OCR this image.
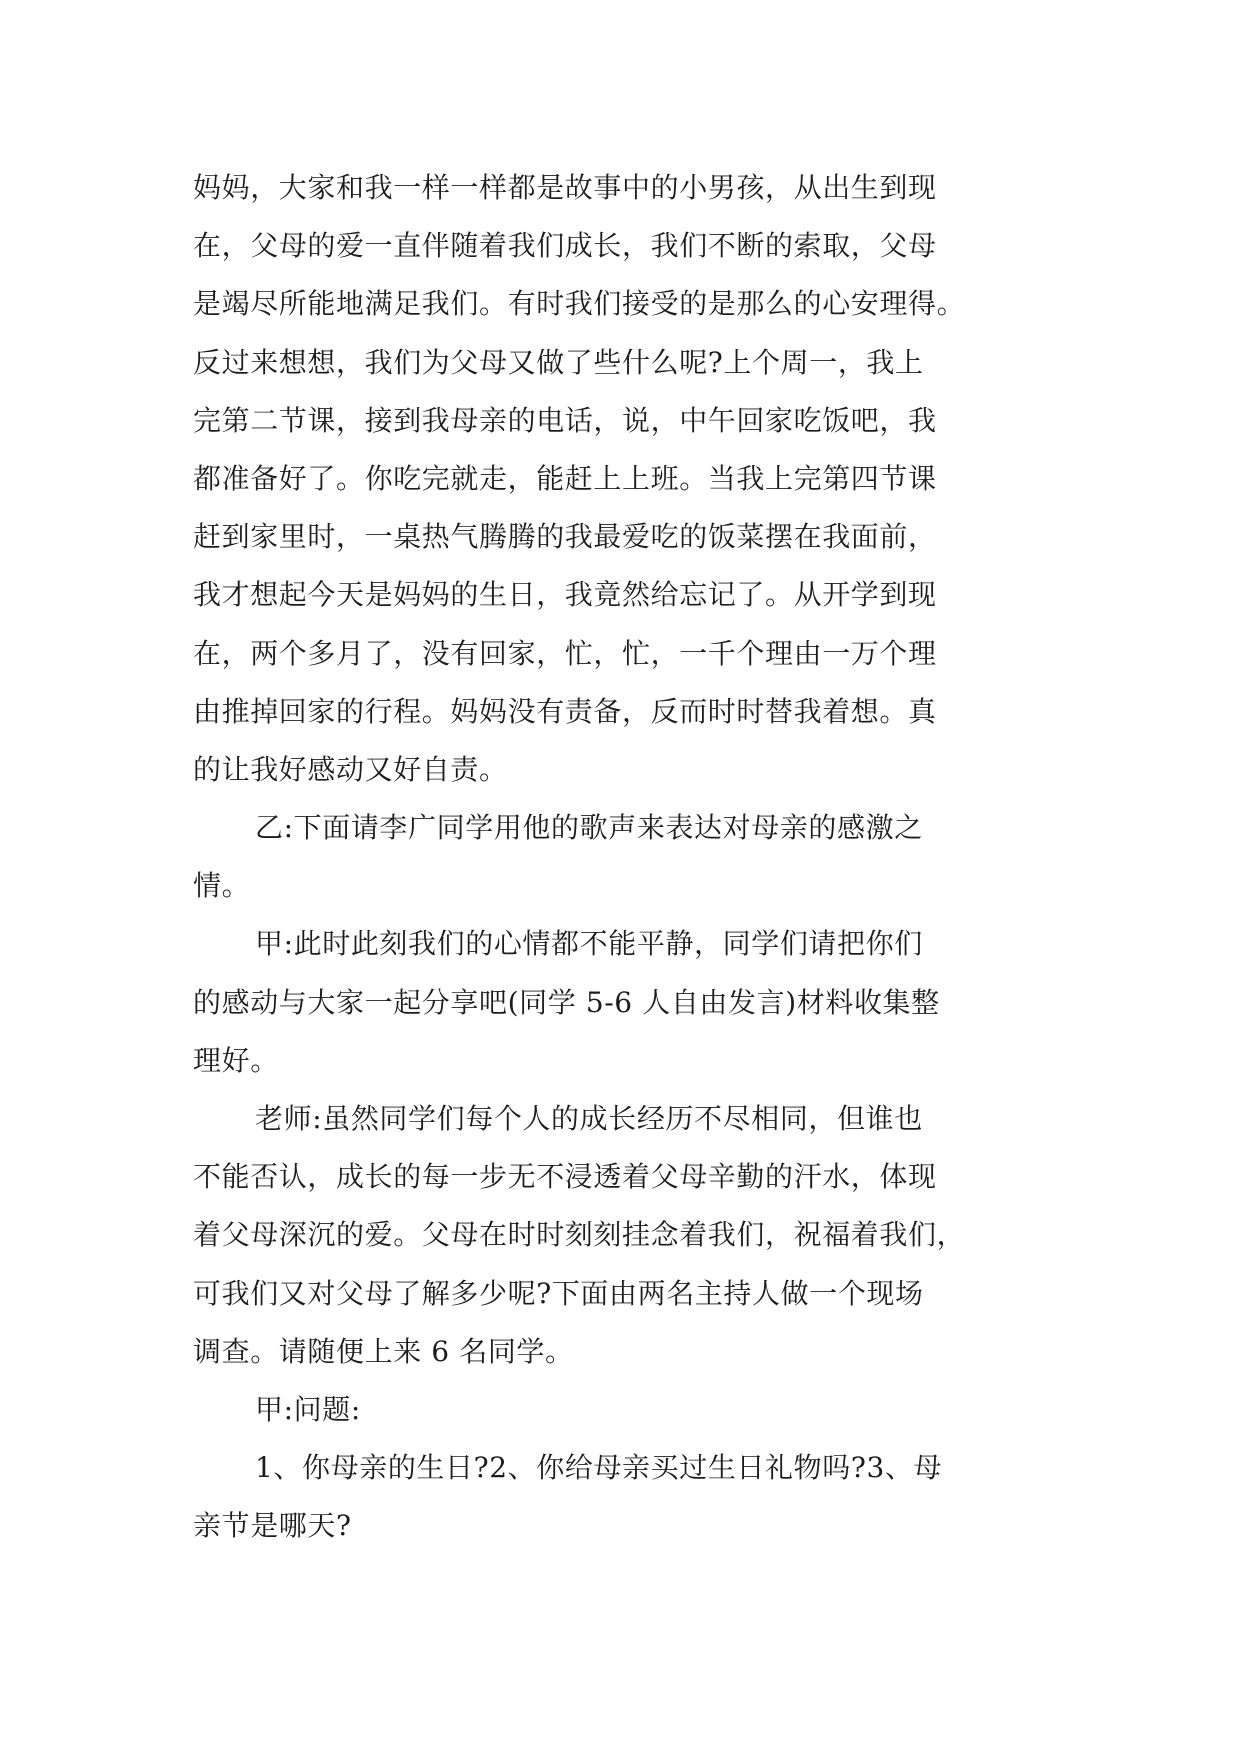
妈妈，大家和我一样一样都是故事中的小男孩，从出生到现
在，父母的爱一直伴随着我们成长，我们不断的索取，父母
是竭尽所能地满足我们。有时我们接受的是那么的心安理得。
反过来想想，我们为父母又做了些什么呢?上个周一，我上
完第二节课，接到我母亲的电话，说，中午回家吃饭吧，我
都准备好了。你吃完就走，能赶上上班。当我上完第四节课
赶到家里时，一桌热气腾腾的我最爱吃的饭菜摆在我面前，
我才想起今天是妈妈的生日，我竟然给忘记了。从开学到现
在，两个多月了，没有回家，忙，忙，一千个理由一万个理
由推掉回家的行程。妈妈没有责备，反而时时替我着想。真
的让我好感动又好自责。
乙:下面请李广同学用他的歌声来表达对母亲的感激之
情。
甲:此时此刻我们的心情都不能平静，同学们请把你们
的感动与大家一起分享吧(同学 5-6 人自由发言)材料收集整
理好。
老师:虽然同学们每个人的成长经历不尽相同，但谁也
不能否认，成长的每一步无不浸透着父母辛勤的汗水，体现
着父母深沉的爱。父母在时时刻刻挂念着我们，祝福着我们，
可我们又对父母了解多少呢?下面由两名主持人做一个现场
调查。请随便上来 6 名同学。
甲:问题:
1、你母亲的生日?2、你给母亲买过生日礼物吗?3、母
亲节是哪天?
